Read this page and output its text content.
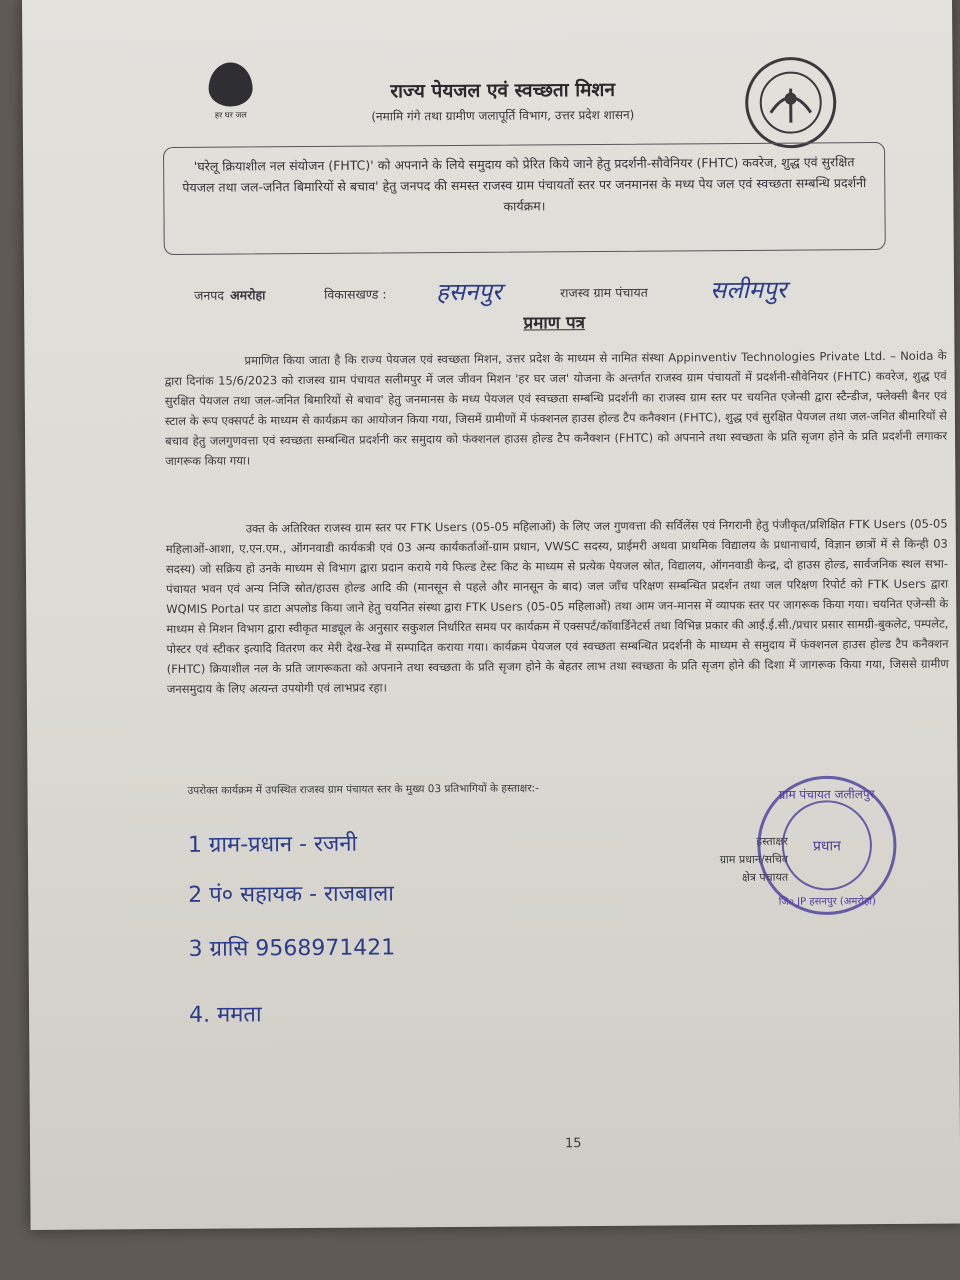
हर घर जल
राज्य पेयजल एवं स्वच्छता मिशन
(नमामि गंगे तथा ग्रामीण जलापूर्ति विभाग, उत्तर प्रदेश शासन)
'घरेलू क्रियाशील नल संयोजन (FHTC)' को अपनाने के लिये समुदाय को प्रेरित किये जाने हेतु प्रदर्शनी-सौवेनियर (FHTC) कवरेज, शुद्ध एवं सुरक्षित पेयजल तथा जल-जनित बिमारियों से बचाव' हेतु जनपद की समस्त राजस्व ग्राम पंचायतों स्तर पर जनमानस के मध्य पेय जल एवं स्वच्छता सम्बन्धि प्रदर्शनी कार्यक्रम।
जनपद अमरोहा	विकासखण्ड : हसनपुर	राजस्व ग्राम पंचायत	सलीमपुर
प्रमाण पत्र
प्रमाणित किया जाता है कि राज्य पेयजल एवं स्वच्छता मिशन, उत्तर प्रदेश के माध्यम से नामित संस्था Appinventiv Technologies Private Ltd. – Noida के द्वारा दिनांक 15/6/2023 को राजस्व ग्राम पंचायत सलीमपुर में जल जीवन मिशन 'हर घर जल' योजना के अन्तर्गत राजस्व ग्राम पंचायतों में प्रदर्शनी-सौवेनियर (FHTC) कवरेज, शुद्ध एवं सुरक्षित पेयजल तथा जल-जनित बिमारियों से बचाव' हेतु जनमानस के मध्य पेयजल एवं स्वच्छता सम्बन्धि प्रदर्शनी का राजस्व ग्राम स्तर पर चयनित एजेन्सी द्वारा स्टैन्डीज, फ्लेक्सी बैनर एवं स्टाल के रूप एक्सपर्ट के माध्यम से कार्यक्रम का आयोजन किया गया, जिसमें ग्रामीणों में फंक्शनल हाउस होल्ड टैप कनैक्शन (FHTC), शुद्ध एवं सुरक्षित पेयजल तथा जल-जनित बीमारियों से बचाव हेतु जलगुणवत्ता एवं स्वच्छता सम्बन्धित प्रदर्शनी कर समुदाय को फंक्शनल हाउस होल्ड टैप कनैक्शन (FHTC) को अपनाने तथा स्वच्छता के प्रति सृजग होने के प्रति प्रदर्शनी लगाकर जागरूक किया गया।
उक्त के अतिरिक्त राजस्व ग्राम स्तर पर FTK Users (05-05 महिलाओं) के लिए जल गुणवत्ता की सर्विलेंस एवं निगरानी हेतु पंजीकृत/प्रशिक्षित FTK Users (05-05 महिलाओं-आशा, ए.एन.एम., ऑगनवाडी कार्यकत्री एवं 03 अन्य कार्यकर्ताओं-ग्राम प्रधान, VWSC सदस्य, प्राईमरी अथवा प्राथमिक विद्यालय के प्रधानाचार्य, विज्ञान छात्रों में से किन्ही 03 सदस्य) जो सक्रिय हो उनके माध्यम से विभाग द्वारा प्रदान कराये गये फिल्ड टेस्ट किट के माध्यम से प्रत्येक पेयजल स्रोत, विद्यालय, ऑगनवाडी केन्द्र, दो हाउस होल्ड, सार्वजनिक स्थल सभा-पंचायत भवन एवं अन्य निजि स्रोत/हाउस होल्ड आदि की (मानसून से पहले और मानसून के बाद) जल जाँच परिक्षण सम्बन्धित प्रदर्शन तथा जल परिक्षण रिपोर्ट को FTK Users द्वारा WQMIS Portal पर डाटा अपलोड किया जाने हेतु चयनित संस्था द्वारा FTK Users (05-05 महिलाओं) तथा आम जन-मानस में व्यापक स्तर पर जागरूक किया गया। चयनित एजेन्सी के माध्यम से मिशन विभाग द्वारा स्वीकृत माड्यूल के अनुसार सकुशल निर्धारित समय पर कार्यक्रम में एक्सपर्ट/कॉवार्डिनेटर्स तथा विभिन्न प्रकार की आई.ई.सी./प्रचार प्रसार सामग्री-बुकलेट, पम्पलेट, पोस्टर एवं स्टीकर इत्यादि वितरण कर मेरी देख-रेख में सम्पादित कराया गया। कार्यक्रम पेयजल एवं स्वच्छता सम्बन्धित प्रदर्शनी के माध्यम से समुदाय में फंक्शनल हाउस होल्ड टैप कनैक्शन (FHTC) क्रियाशील नल के प्रति जागरूकता को अपनाने तथा स्वच्छता के प्रति सृजग होने के बेहतर लाभ तथा स्वच्छता के प्रति सृजग होने की दिशा में जागरूक किया गया, जिससे ग्रामीण जनसमुदाय के लिए अत्यन्त उपयोगी एवं लाभप्रद रहा।
उपरोक्त कार्यक्रम में उपस्थित राजस्व ग्राम पंचायत स्तर के मुख्य 03 प्रतिभागियों के हस्ताक्षर:-
हस्ताक्षर
ग्राम प्रधान/सचिव
क्षेत्र पंचायत
ग्राम पंचायत जलीलपुर
प्रधान
जि० JP हसनपुर (अमरोहा)
1 ग्राम-प्रधान - रजनी
2 पं० सहायक - राजबाला
3 ग्रासि 9568971421
4. ममता
15
